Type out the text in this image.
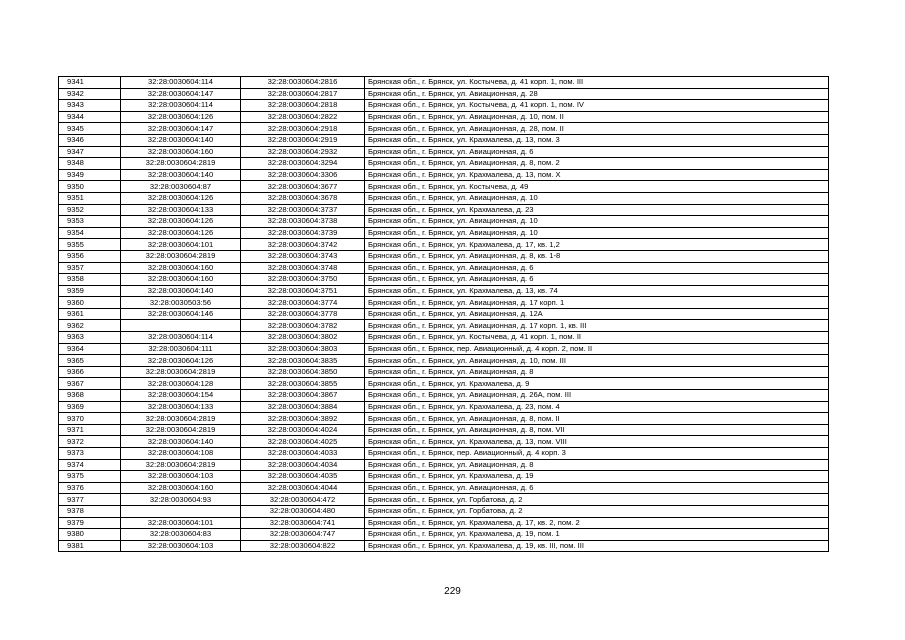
9341	32:28:0030604:114	32:28:0030604:2816	Брянская обл., г. Брянск, ул. Костычева, д. 41 корп. 1, пом. III
9342	32:28:0030604:147	32:28:0030604:2817	Брянская обл., г. Брянск, ул. Авиационная, д. 28
9343	32:28:0030604:114	32:28:0030604:2818	Брянская обл., г. Брянск, ул. Костычева, д. 41 корп. 1, пом. IV
9344	32:28:0030604:126	32:28:0030604:2822	Брянская обл., г. Брянск, ул. Авиационная, д. 10, пом. II
9345	32:28:0030604:147	32:28:0030604:2918	Брянская обл., г. Брянск, ул. Авиационная, д. 28, пом. II
9346	32:28:0030604:140	32:28:0030604:2919	Брянская обл., г. Брянск, ул. Крахмалева, д. 13, пом. 3
9347	32:28:0030604:160	32:28:0030604:2932	Брянская обл., г. Брянск, ул. Авиационная, д. 6
9348	32:28:0030604:2819	32:28:0030604:3294	Брянская обл., г. Брянск, ул. Авиационная, д. 8, пом. 2
9349	32:28:0030604:140	32:28:0030604:3306	Брянская обл., г. Брянск, ул. Крахмалева, д. 13, пом. X
9350	32:28:0030604:87	32:28:0030604:3677	Брянская обл., г. Брянск, ул. Костычева, д. 49
9351	32:28:0030604:126	32:28:0030604:3678	Брянская обл., г. Брянск, ул. Авиационная, д. 10
9352	32:28:0030604:133	32:28:0030604:3737	Брянская обл., г. Брянск, ул. Крахмалева, д. 23
9353	32:28:0030604:126	32:28:0030604:3738	Брянская обл., г. Брянск, ул. Авиационная, д. 10
9354	32:28:0030604:126	32:28:0030604:3739	Брянская обл., г. Брянск, ул. Авиационная, д. 10
9355	32:28:0030604:101	32:28:0030604:3742	Брянская обл., г. Брянск, ул. Крахмалева, д. 17, кв. 1,2
9356	32:28:0030604:2819	32:28:0030604:3743	Брянская обл., г. Брянск, ул. Авиационная, д. 8, кв. 1-8
9357	32:28:0030604:160	32:28:0030604:3748	Брянская обл., г. Брянск, ул. Авиационная, д. 6
9358	32:28:0030604:160	32:28:0030604:3750	Брянская обл., г. Брянск, ул. Авиационная, д. 6
9359	32:28:0030604:140	32:28:0030604:3751	Брянская обл., г. Брянск, ул. Крахмалева, д. 13, кв. 74
9360	32:28:0030503:56	32:28:0030604:3774	Брянская обл., г. Брянск, ул. Авиационная, д. 17 корп. 1
9361	32:28:0030604:146	32:28:0030604:3778	Брянская обл., г. Брянск, ул. Авиационная, д. 12А
9362		32:28:0030604:3782	Брянская обл., г. Брянск, ул. Авиационная, д. 17 корп. 1, кв. III
9363	32:28:0030604:114	32:28:0030604:3802	Брянская обл., г. Брянск, ул. Костычева, д. 41 корп. 1, пом. II
9364	32:28:0030604:111	32:28:0030604:3803	Брянская обл., г. Брянск, пер. Авиационный, д. 4 корп. 2, пом. II
9365	32:28:0030604:126	32:28:0030604:3835	Брянская обл., г. Брянск, ул. Авиационная, д. 10, пом. III
9366	32:28:0030604:2819	32:28:0030604:3850	Брянская обл., г. Брянск, ул. Авиационная, д. 8
9367	32:28:0030604:128	32:28:0030604:3855	Брянская обл., г. Брянск, ул. Крахмалева, д. 9
9368	32:28:0030604:154	32:28:0030604:3867	Брянская обл., г. Брянск, ул. Авиационная, д. 26А, пом. III
9369	32:28:0030604:133	32:28:0030604:3884	Брянская обл., г. Брянск, ул. Крахмалева, д. 23, пом. 4
9370	32:28:0030604:2819	32:28:0030604:3892	Брянская обл., г. Брянск, ул. Авиационная, д. 8, пом. II
9371	32:28:0030604:2819	32:28:0030604:4024	Брянская обл., г. Брянск, ул. Авиационная, д. 8, пом. VII
9372	32:28:0030604:140	32:28:0030604:4025	Брянская обл., г. Брянск, ул. Крахмалева, д. 13, пом. VIII
9373	32:28:0030604:108	32:28:0030604:4033	Брянская обл., г. Брянск, пер. Авиационный, д. 4 корп. 3
9374	32:28:0030604:2819	32:28:0030604:4034	Брянская обл., г. Брянск, ул. Авиационная, д. 8
9375	32:28:0030604:103	32:28:0030604:4035	Брянская обл., г. Брянск, ул. Крахмалева, д. 19
9376	32:28:0030604:160	32:28:0030604:4044	Брянская обл., г. Брянск, ул. Авиационная, д. 6
9377	32:28:0030604:93	32:28:0030604:472	Брянская обл., г. Брянск, ул. Горбатова, д. 2
9378		32:28:0030604:480	Брянская обл., г. Брянск, ул. Горбатова, д. 2
9379	32:28:0030604:101	32:28:0030604:741	Брянская обл., г. Брянск, ул. Крахмалева, д. 17, кв. 2, пом. 2
9380	32:28:0030604:83	32:28:0030604:747	Брянская обл., г. Брянск, ул. Крахмалева, д. 19, пом. 1
9381	32:28:0030604:103	32:28:0030604:822	Брянская обл., г. Брянск, ул. Крахмалева, д. 19, кв. III, пом. III
229
